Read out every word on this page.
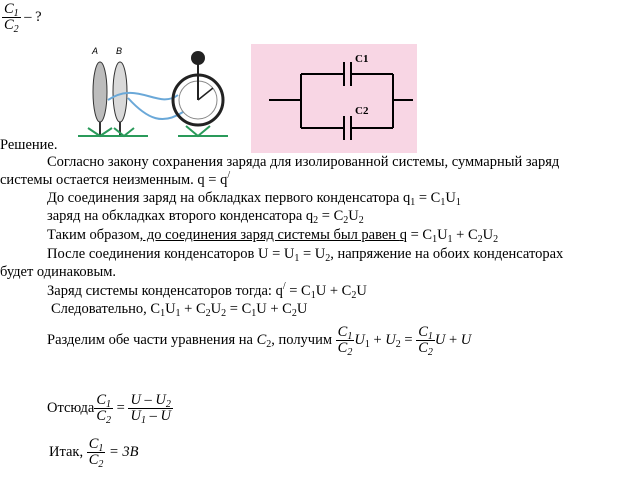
$\frac{C_1}{C_2}$ – ?
A B
C1
C2
Решение.
Согласно закону сохранения заряда для изолированной системы, суммарный заряд
системы остается неизменным. q = q/
До соединения заряд на обкладках первого конденсатора $q_1 = C_1U_1$
заряд на обкладках второго конденсатора $q_2 = C_2U_2$
Таким образом, до соединения заряд системы был равен $q = C_1U_1 + C_2U_2$
После соединения конденсаторов $U = U_1 = U_2$, напряжение на обоих конденсаторах
будет одинаковым.
Заряд системы конденсаторов тогда: $q^/ = C_1U + C_2U$
Следовательно, $C_1U_1 + C_2U_2 = C_1U + C_2U$
Разделим обе части уравнения на $C_2$, получим $\frac{C_1}{C_2} U_1 + U_2 = \frac{C_1}{C_2}$ U + U
Отсюда $\frac{C_1}{C_2} = \frac{U - U_2}{U_1 - U}$
Итак, $\frac{C_1}{C_2} = 3B$
